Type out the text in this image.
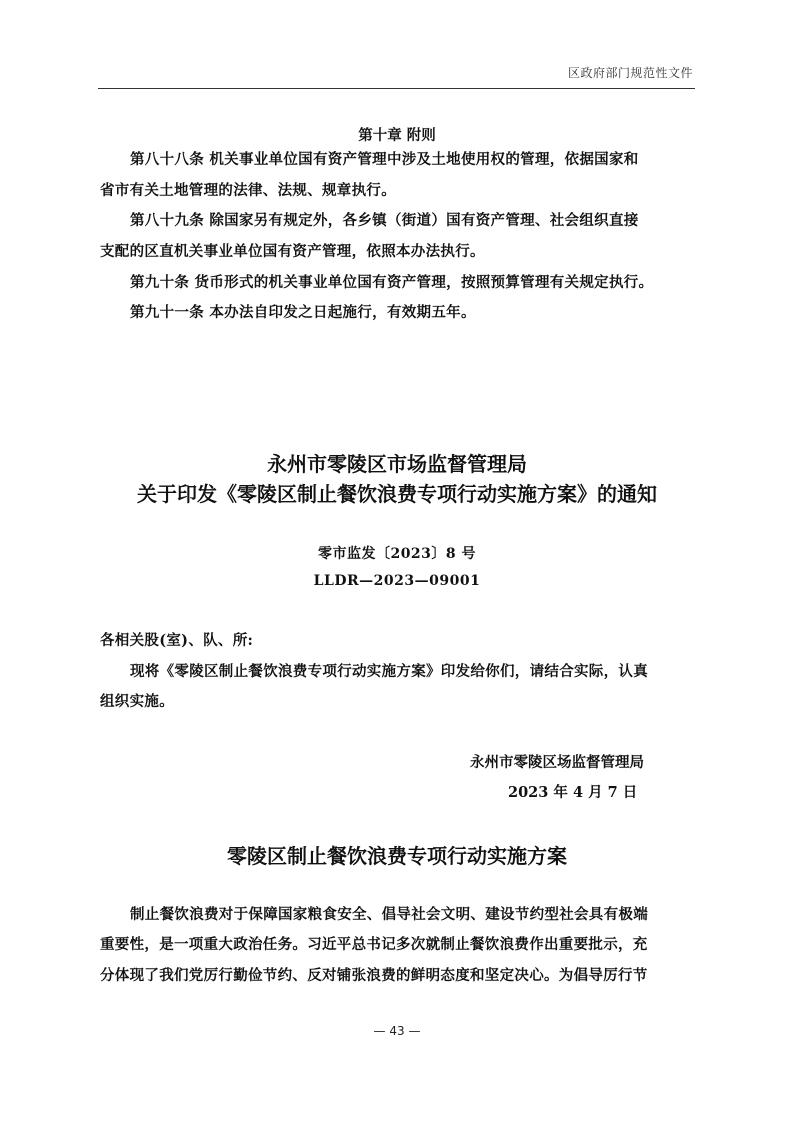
区政府部门规范性文件
第十章 附则
第八十八条 机关事业单位国有资产管理中涉及土地使用权的管理，依据国家和
省市有关土地管理的法律、法规、规章执行。
第八十九条 除国家另有规定外，各乡镇（街道）国有资产管理、社会组织直接
支配的区直机关事业单位国有资产管理，依照本办法执行。
第九十条 货币形式的机关事业单位国有资产管理，按照预算管理有关规定执行。
第九十一条 本办法自印发之日起施行，有效期五年。
永州市零陵区市场监督管理局
关于印发《零陵区制止餐饮浪费专项行动实施方案》的通知
零市监发〔2023〕8 号
LLDR—2023—09001
各相关股(室)、队、所:
现将《零陵区制止餐饮浪费专项行动实施方案》印发给你们，请结合实际，认真
组织实施。
永州市零陵区场监督管理局
2023 年 4 月 7 日
零陵区制止餐饮浪费专项行动实施方案
制止餐饮浪费对于保障国家粮食安全、倡导社会文明、建设节约型社会具有极端
重要性，是一项重大政治任务。习近平总书记多次就制止餐饮浪费作出重要批示，充
分体现了我们党厉行勤俭节约、反对铺张浪费的鲜明态度和坚定决心。为倡导厉行节
— 43 —
